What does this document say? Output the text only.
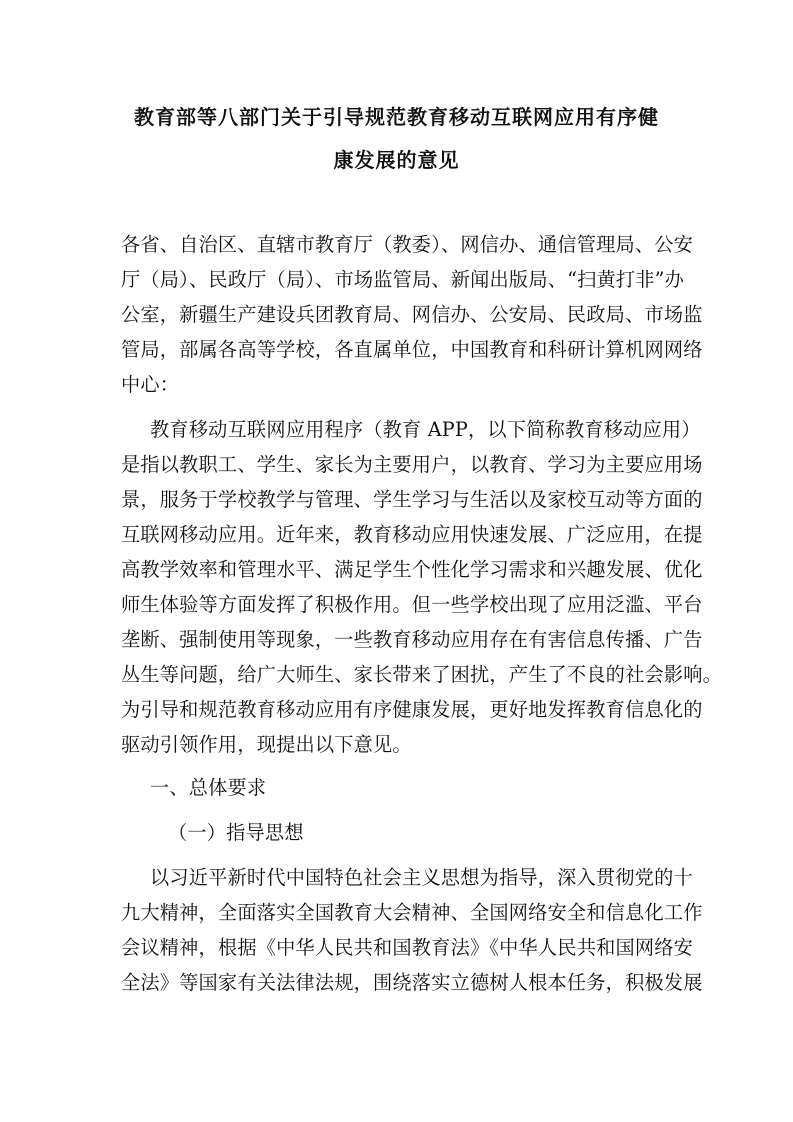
教育部等八部门关于引导规范教育移动互联网应用有序健
康发展的意见
各省、自治区、直辖市教育厅（教委）、网信办、通信管理局、公安
厅（局）、民政厅（局）、市场监管局、新闻出版局、“扫黄打非”办
公室，新疆生产建设兵团教育局、网信办、公安局、民政局、市场监
管局，部属各高等学校，各直属单位，中国教育和科研计算机网网络
中心：
教育移动互联网应用程序（教育 APP，以下简称教育移动应用）
是指以教职工、学生、家长为主要用户，以教育、学习为主要应用场
景，服务于学校教学与管理、学生学习与生活以及家校互动等方面的
互联网移动应用。近年来，教育移动应用快速发展、广泛应用，在提
高教学效率和管理水平、满足学生个性化学习需求和兴趣发展、优化
师生体验等方面发挥了积极作用。但一些学校出现了应用泛滥、平台
垄断、强制使用等现象，一些教育移动应用存在有害信息传播、广告
丛生等问题，给广大师生、家长带来了困扰，产生了不良的社会影响。
为引导和规范教育移动应用有序健康发展，更好地发挥教育信息化的
驱动引领作用，现提出以下意见。
一、总体要求
（一）指导思想
以习近平新时代中国特色社会主义思想为指导，深入贯彻党的十
九大精神，全面落实全国教育大会精神、全国网络安全和信息化工作
会议精神，根据《中华人民共和国教育法》《中华人民共和国网络安
全法》等国家有关法律法规，围绕落实立德树人根本任务，积极发展
